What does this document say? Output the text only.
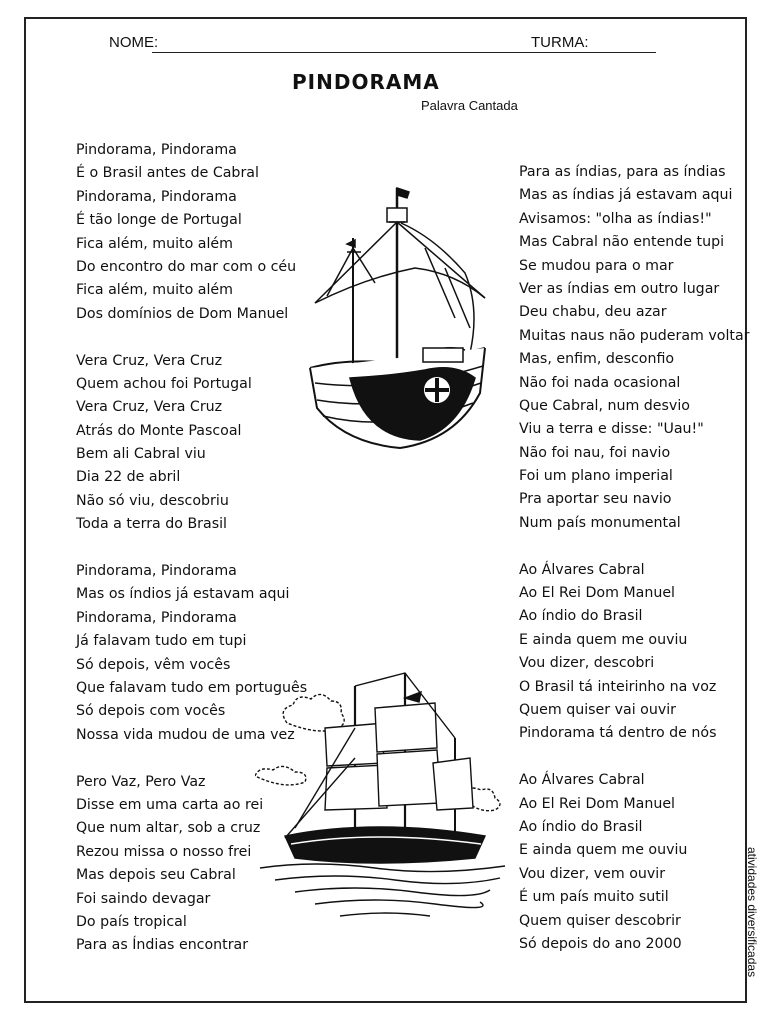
NOME:	TURMA:
PINDORAMA
Palavra Cantada
Pindorama, Pindorama
É o Brasil antes de Cabral
Pindorama, Pindorama
É tão longe de Portugal
Fica além, muito além
Do encontro do mar com o céu
Fica além, muito além
Dos domínios de Dom Manuel
Vera Cruz, Vera Cruz
Quem achou foi Portugal
Vera Cruz, Vera Cruz
Atrás do Monte Pascoal
Bem ali Cabral viu
Dia 22 de abril
Não só viu, descobriu
Toda a terra do Brasil
Pindorama, Pindorama
Mas os índios já estavam aqui
Pindorama, Pindorama
Já falavam tudo em tupi
Só depois, vêm vocês
Que falavam tudo em português
Só depois com vocês
Nossa vida mudou de uma vez
Pero Vaz, Pero Vaz
Disse em uma carta ao rei
Que num altar, sob a cruz
Rezou missa o nosso frei
Mas depois seu Cabral
Foi saindo devagar
Do país tropical
Para as Índias encontrar
Para as índias, para as índias
Mas as índias já estavam aqui
Avisamos: "olha as índias!"
Mas Cabral não entende tupi
Se mudou para o mar
Ver as índias em outro lugar
Deu chabu, deu azar
Muitas naus não puderam voltar
Mas, enfim, desconfio
Não foi nada ocasional
Que Cabral, num desvio
Viu a terra e disse: "Uau!"
Não foi nau, foi navio
Foi um plano imperial
Pra aportar seu navio
Num país monumental
Ao Álvares Cabral
Ao El Rei Dom Manuel
Ao índio do Brasil
E ainda quem me ouviu
Vou dizer, descobri
O Brasil tá inteirinho na voz
Quem quiser vai ouvir
Pindorama tá dentro de nós
Ao Álvares Cabral
Ao El Rei Dom Manuel
Ao índio do Brasil
E ainda quem me ouviu
Vou dizer, vem ouvir
É um país muito sutil
Quem quiser descobrir
Só depois do ano 2000	atividades diversificadas
